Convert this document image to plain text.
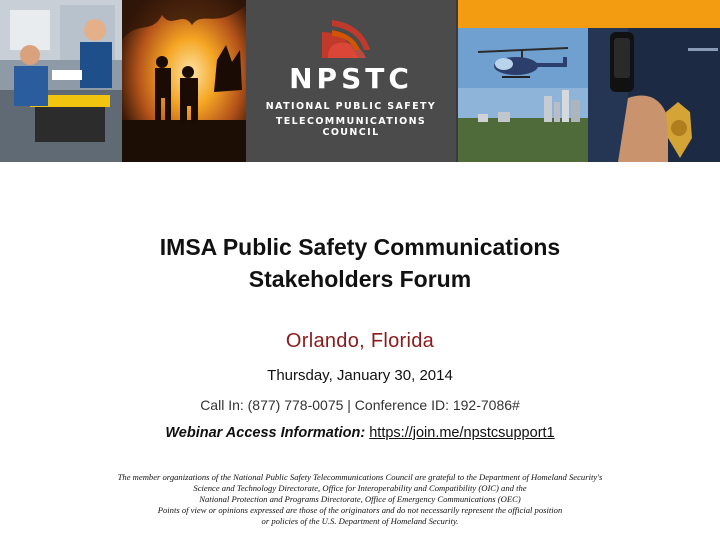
NPSTC
NATIONAL PUBLIC SAFETY
TELECOMMUNICATIONS COUNCIL
IMSA Public Safety Communications
Stakeholders Forum
Orlando, Florida
Thursday, January 30, 2014
Call In: (877) 778-0075 | Conference ID: 192-7086#
Webinar Access Information: https://join.me/npstcsupport1
The member organizations of the National Public Safety Telecommunications Council are grateful to the Department of Homeland Security's
Science and Technology Directorate, Office for Interoperability and Compatibility (OIC) and the
National Protection and Programs Directorate, Office of Emergency Communications (OEC)
Points of view or opinions expressed are those of the originators and do not necessarily represent the official position
or policies of the U.S. Department of Homeland Security.
